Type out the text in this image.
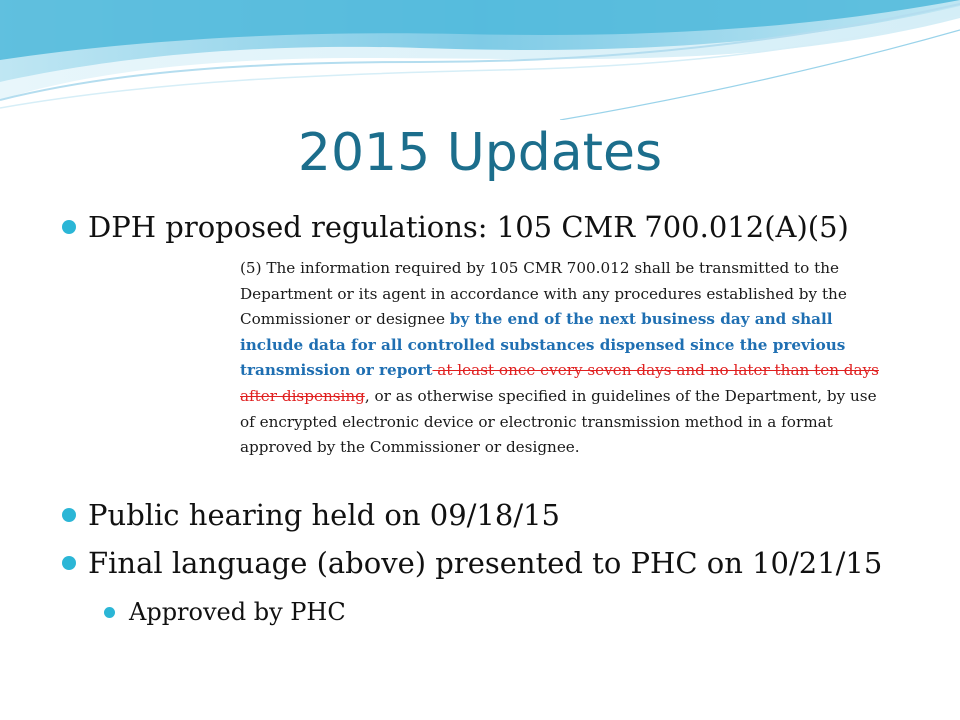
2015 Updates
DPH proposed regulations: 105 CMR 700.012(A)(5)
(5) The information required by 105 CMR 700.012 shall be transmitted to the Department or its agent in accordance with any procedures established by the Commissioner or designee by the end of the next business day and shall include data for all controlled substances dispensed since the previous transmission or report at least once every seven days and no later than ten days after dispensing, or as otherwise specified in guidelines of the Department, by use of encrypted electronic device or electronic transmission method in a format approved by the Commissioner or designee.
Public hearing held on 09/18/15
Final language (above) presented to PHC on 10/21/15
Approved by PHC
